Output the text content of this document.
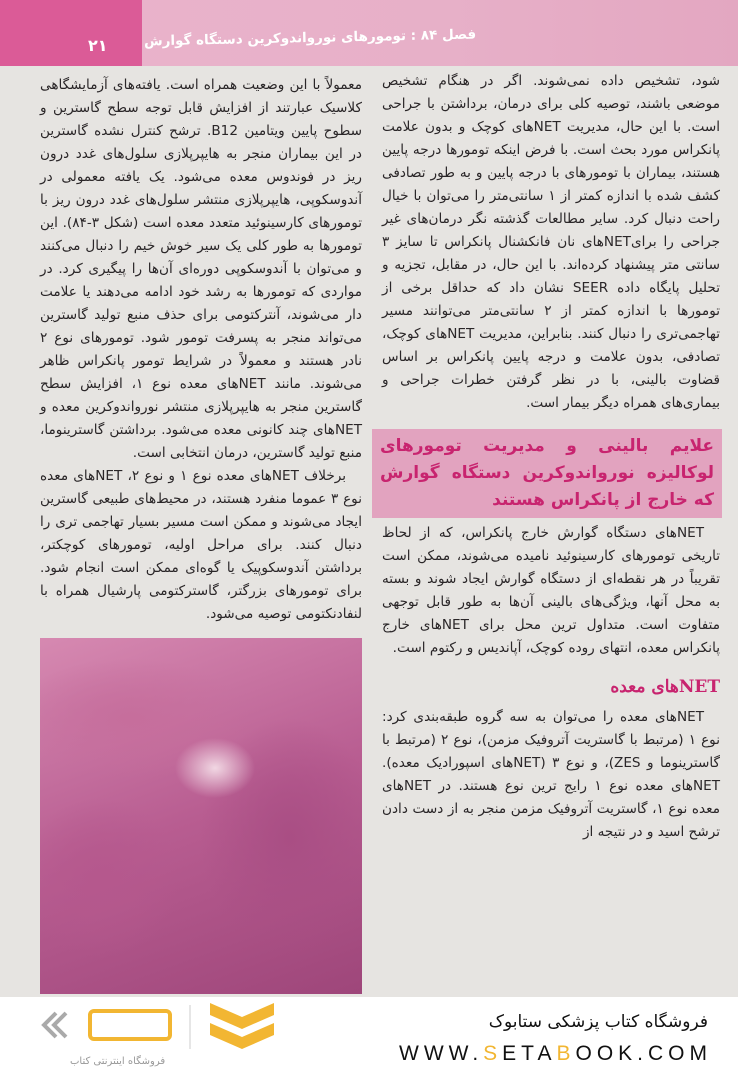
۲۱	فصل ۸۴ : تومورهای نورواندوکرین دستگاه گوارش

شود، تشخیص داده نمی‌شوند. اگر در هنگام تشخیص موضعی باشند، توصیه کلی برای درمان، برداشتن با جراحی است. با این حال، مدیریت NETهای کوچک و بدون علامت پانکراس مورد بحث است. با فرض اینکه تومورها درجه پایین هستند، بیماران با تومورهای با درجه پایین و به طور تصادفی کشف شده با اندازه کمتر از ۱ سانتی‌متر را می‌توان با خیال راحت دنبال کرد. سایر مطالعات گذشته نگر درمان‌های غیر جراحی را برایNETهای نان فانکشنال پانکراس تا سایز ۳ سانتی متر پیشنهاد کرده‌اند. با این حال، در مقابل، تجزیه و تحلیل پایگاه داده SEER نشان داد که حداقل برخی از تومورها با اندازه کمتر از ۲ سانتی‌متر می‌توانند مسیر تهاجمی‌تری را دنبال کنند. بنابراین، مدیریت NETهای کوچک، تصادفی، بدون علامت و درجه پایین پانکراس بر اساس قضاوت بالینی، با در نظر گرفتن خطرات جراحی و بیماری‌های همراه دیگر بیمار است.

علایم بالینی و مدیریت تومورهای لوکالیزه نورواندوکرین دستگاه گوارش که خارج از پانکراس هستند

NETهای دستگاه گوارش خارج پانکراس، که از لحاظ تاریخی تومورهای کارسینوئید نامیده می‌شوند، ممکن است تقریباً در هر نقطه‌ای از دستگاه گوارش ایجاد شوند و بسته به محل آنها، ویژگی‌های بالینی آن‌ها به طور قابل توجهی متفاوت است. متداول ترین محل برای NETهای خارج پانکراس معده، انتهای روده کوچک، آپاندیس و رکتوم است.

NETهای معده

NETهای معده را می‌توان به سه گروه طبقه‌بندی کرد: نوع ۱ (مرتبط با گاستریت آتروفیک مزمن)، نوع ۲ (مرتبط با گاسترینوما و ZES)، و نوع ۳ (NETهای اسپورادیک معده). NETهای معده نوع ۱ رایج ترین نوع هستند. در NETهای معده نوع ۱، گاستریت آتروفیک مزمن منجر به از دست دادن ترشح اسید و در نتیجه از

معمولاً با این وضعیت همراه است. یافته‌های آزمایشگاهی کلاسیک عبارتند از افزایش قابل توجه سطح گاسترین و سطوح پایین ویتامین B12. ترشح کنترل نشده گاسترین در این بیماران منجر به هایپرپلازی سلول‌های غدد درون ریز در فوندوس معده می‌شود. یک یافته معمولی در آندوسکوپی، هایپرپلازی منتشر سلول‌های غدد درون ریز با تومورهای کارسینوئید متعدد معده است (شکل ۳-۸۴). این تومورها به طور کلی یک سیر خوش خیم را دنبال می‌کنند و می‌توان با آندوسکوپی دوره‌ای آن‌ها را پیگیری کرد. در مواردی که تومورها به رشد خود ادامه می‌دهند یا علامت دار می‌شوند، آنترکتومی برای حذف منبع تولید گاسترین می‌تواند منجر به پسرفت تومور شود. تومورهای نوع ۲ نادر هستند و معمولاً در شرایط تومور پانکراس ظاهر می‌شوند. مانند NETهای معده نوع ۱، افزایش سطح گاسترین منجر به هایپرپلازی منتشر نورواندوکرین معده و NETهای چند کانونی معده می‌شود. برداشتن گاسترینوما، منبع تولید گاسترین، درمان انتخابی است.

برخلاف NETهای معده نوع ۱ و نوع ۲، NETهای معده نوع ۳ عموما منفرد هستند، در محیط‌های طبیعی گاسترین ایجاد می‌شوند و ممکن است مسیر بسیار تهاجمی تری را دنبال کنند. برای مراحل اولیه، تومورهای کوچکتر، برداشتن آندوسکوپیک یا گوه‌ای ممکن است انجام شود. برای تومورهای بزرگتر، گاسترکتومی پارشیال همراه با لنفادنکتومی توصیه می‌شود.

فروشگاه اینترنتی کتاب
فروشگاه کتاب پزشکی ستابوک
WWW.SETABOOK.COM
